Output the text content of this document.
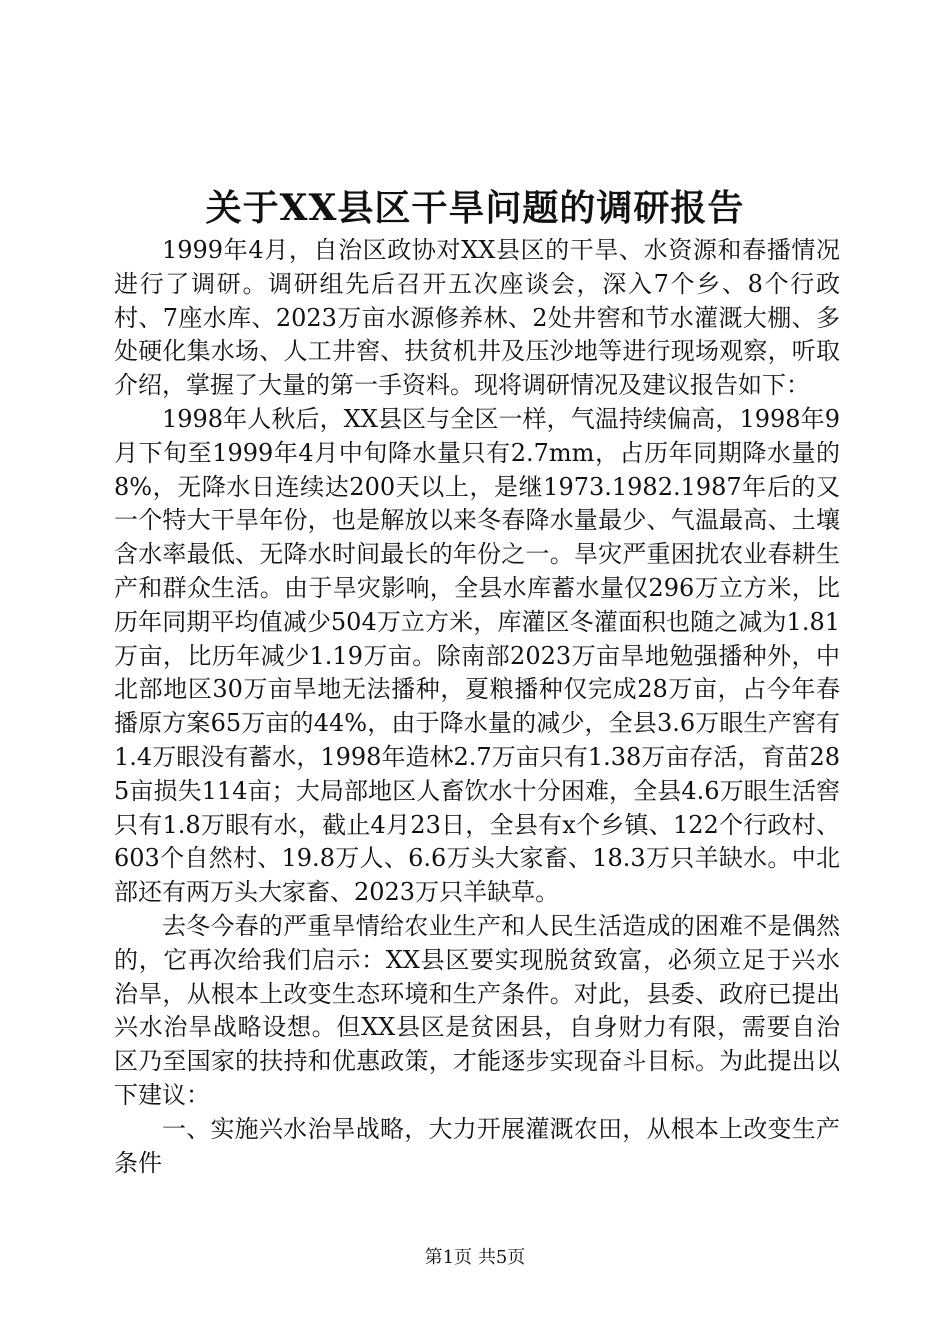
关于XX县区干旱问题的调研报告

1999年4月，自治区政协对XX县区的干旱、水资源和春播情况进行了调研。调研组先后召开五次座谈会，深入7个乡、8个行政村、7座水库、2023万亩水源修养林、2处井窖和节水灌溉大棚、多处硬化集水场、人工井窖、扶贫机井及压沙地等进行现场观察，听取介绍，掌握了大量的第一手资料。现将调研情况及建议报告如下：

1998年人秋后，XX县区与全区一样，气温持续偏高，1998年9月下旬至1999年4月中旬降水量只有2.7mm，占历年同期降水量的8%，无降水日连续达200天以上，是继1973.1982.1987年后的又一个特大干旱年份，也是解放以来冬春降水量最少、气温最高、土壤含水率最低、无降水时间最长的年份之一。旱灾严重困扰农业春耕生产和群众生活。由于旱灾影响，全县水库蓄水量仅296万立方米，比历年同期平均值减少504万立方米，库灌区冬灌面积也随之减为1.81万亩，比历年减少1.19万亩。除南部2023万亩旱地勉强播种外，中北部地区30万亩旱地无法播种，夏粮播种仅完成28万亩，占今年春播原方案65万亩的44%，由于降水量的减少，全县3.6万眼生产窖有1.4万眼没有蓄水，1998年造林2.7万亩只有1.38万亩存活，育苗285亩损失114亩；大局部地区人畜饮水十分困难，全县4.6万眼生活窖只有1.8万眼有水，截止4月23日，全县有x个乡镇、122个行政村、603个自然村、19.8万人、6.6万头大家畜、18.3万只羊缺水。中北部还有两万头大家畜、2023万只羊缺草。

去冬今春的严重旱情给农业生产和人民生活造成的困难不是偶然的，它再次给我们启示：XX县区要实现脱贫致富，必须立足于兴水治旱，从根本上改变生态环境和生产条件。对此，县委、政府已提出兴水治旱战略设想。但XX县区是贫困县，自身财力有限，需要自治区乃至国家的扶持和优惠政策，才能逐步实现奋斗目标。为此提出以下建议：

一、实施兴水治旱战略，大力开展灌溉农田，从根本上改变生产条件

第1页 共5页
